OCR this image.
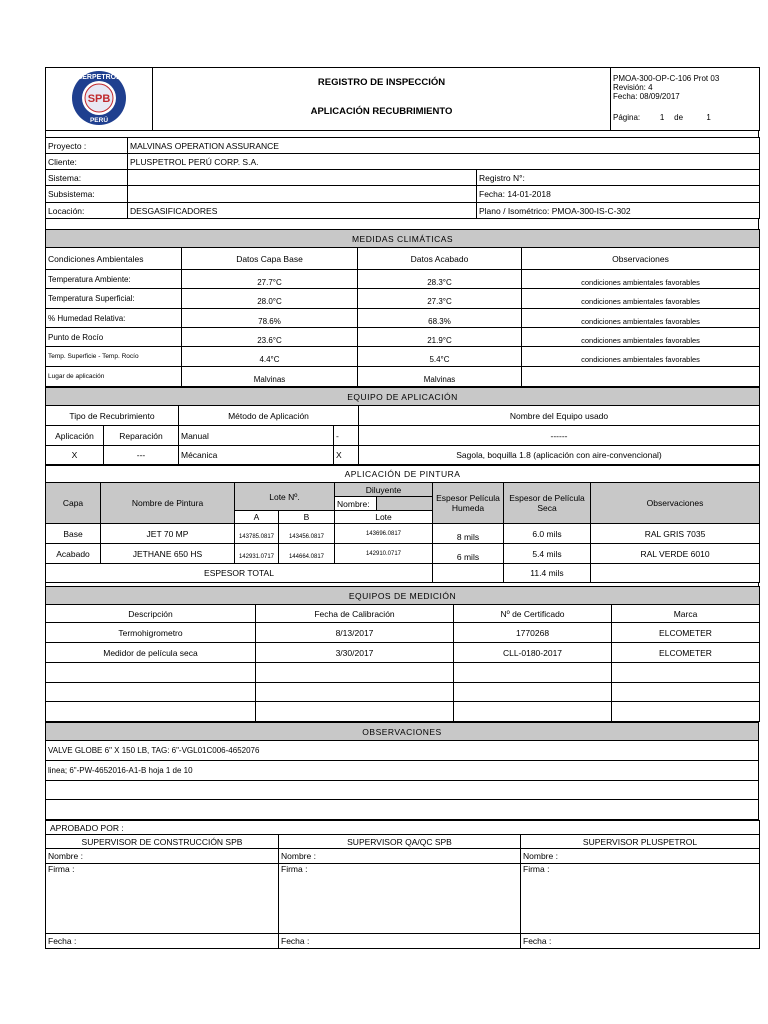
SERPETROL
SPB
PERÚ

REGISTRO DE INSPECCIÓN
APLICACIÓN RECUBRIMIENTO

PMOA-300-OP-C-106 Prot 03
Revisión: 4
Fecha: 08/09/2017
Página: 1 de	1
Proyecto :	MALVINAS OPERATION ASSURANCE	
Cliente:	PLUSPETROL PERÚ CORP. S.A.	
Sistema:		Registro N°:
Subsistema:		Fecha: 14-01-2018
Locación:	DESGASIFICADORES	Plano / Isométrico: PMOA-300-IS-C-302
MEDIDAS CLIMÁTICAS			
Condiciones Ambientales	Datos Capa Base	Datos Acabado	Observaciones
Temperatura Ambiente:	27.7°C	28.3°C	condiciones ambientales favorables
Temperatura Superficial:	28.0°C	27.3°C	condiciones ambientales favorables
% Humedad Relativa:	78.6%	68.3%	condiciones ambientales favorables
Punto de Rocío	23.6°C	21.9°C	condiciones ambientales favorables
Temp. Superficie - Temp. Rocío	4.4°C	5.4°C	condiciones ambientales favorables
Lugar de aplicación	Malvinas	Malvinas	
EQUIPO DE APLICACIÓN				
Tipo de Recubrimiento		Método de Aplicación		Nombre del Equipo usado
Aplicación	Reparación	Manual	-	------
X	---	Mécanica	X	Sagola, boquilla 1.8 (aplicación con aire-convencional)
APLICACIÓN DE PINTURA								
Capa	Nombre de Pintura	Lote Nº.		Diluyente		Espesor Película Humeda	Espesor de Película Seca	Observaciones
				Nombre:				
		A	B	Lote				
Base	JET 70 MP	143785.0817	143456.0817	143696.0817		8 mils	6.0 mils	RAL GRIS 7035
Acabado	JETHANE 650 HS	142931.0717	144664.0817	142910.0717		6 mils	5.4 mils	RAL VERDE 6010
ESPESOR TOTAL							11.4 mils	
EQUIPOS DE MEDICIÓN			
Descripción	Fecha de Calibración	Nº de Certificado	Marca
Termohigrometro	8/13/2017	1770268	ELCOMETER
Medidor de película seca	3/30/2017	CLL-0180-2017	ELCOMETER

OBSERVACIONES
VALVE GLOBE 6" X 150 LB, TAG: 6"-VGL01C006-4652076
linea; 6"-PW-4652016-A1-B hoja 1 de 10

APROBADO POR :		
SUPERVISOR DE CONSTRUCCIÓN SPB	SUPERVISOR QA/QC SPB	SUPERVISOR PLUSPETROL
Nombre :	Nombre :	Nombre :
Firma :	Firma :	Firma :
Fecha :	Fecha :	Fecha :
